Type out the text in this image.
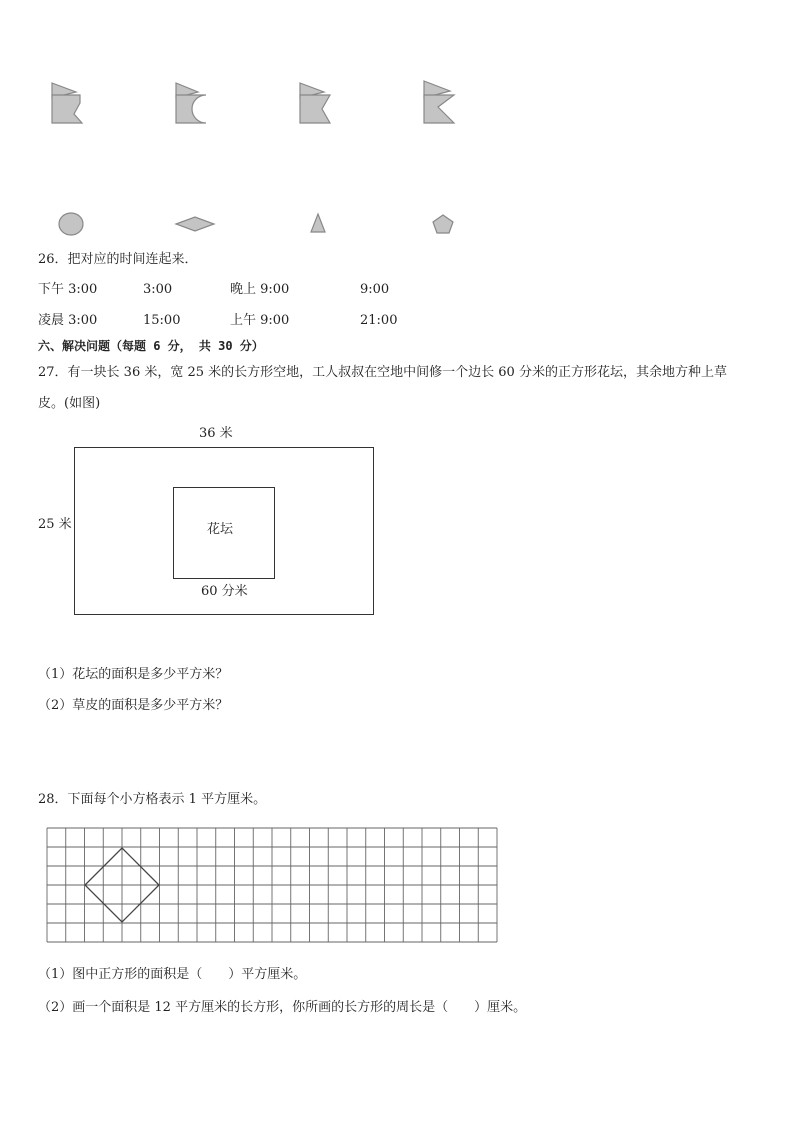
26．把对应的时间连起来．
下午 3:00	3:00	晚上 9:00	9:00
凌晨 3:00	15:00	上午 9:00	21:00
六、解决问题（每题 6 分， 共 30 分）
27．有一块长 36 米，宽 25 米的长方形空地，工人叔叔在空地中间修一个边长 60 分米的正方形花坛，其余地方种上草
皮。(如图)
36 米
25 米	花坛
60 分米
（1）花坛的面积是多少平方米？
（2）草皮的面积是多少平方米？
28．下面每个小方格表示 1 平方厘米。
（1）图中正方形的面积是（　　）平方厘米。
（2）画一个面积是 12 平方厘米的长方形，你所画的长方形的周长是（　　）厘米。
